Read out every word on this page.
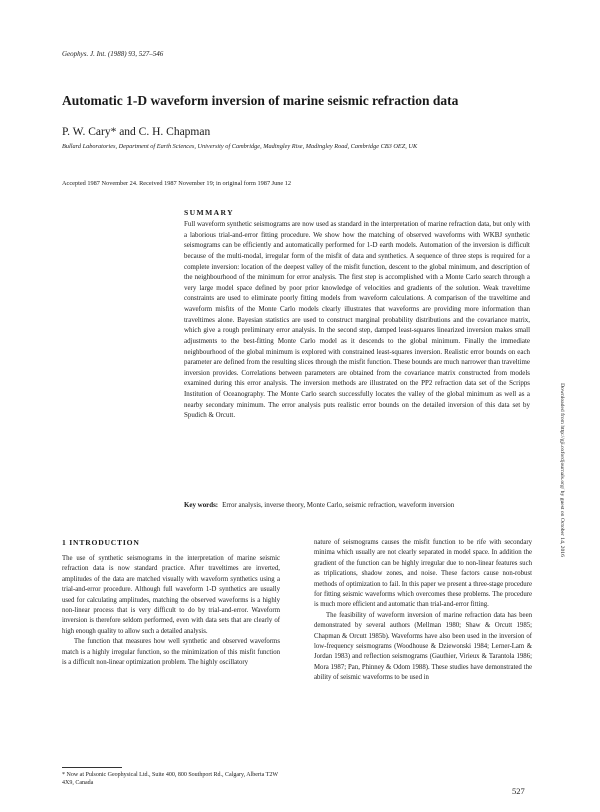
Geophys. J. Int. (1988) 93, 527–546
Automatic 1-D waveform inversion of marine seismic refraction data
P. W. Cary* and C. H. Chapman
Bullard Laboratories, Department of Earth Sciences, University of Cambridge, Madingley Rise, Madingley Road, Cambridge CB3 OEZ, UK
Accepted 1987 November 24. Received 1987 November 19; in original form 1987 June 12
SUMMARY

Full waveform synthetic seismograms are now used as standard in the interpretation of marine refraction data, but only with a laborious trial-and-error fitting procedure. We show how the matching of observed waveforms with WKBJ synthetic seismograms can be efficiently and automatically performed for 1-D earth models. Automation of the inversion is difficult because of the multi-modal, irregular form of the misfit of data and synthetics. A sequence of three steps is required for a complete inversion: location of the deepest valley of the misfit function, descent to the global minimum, and description of the neighbourhood of the minimum for error analysis. The first step is accomplished with a Monte Carlo search through a very large model space defined by poor prior knowledge of velocities and gradients of the solution. Weak traveltime constraints are used to eliminate poorly fitting models from waveform calculations. A comparison of the traveltime and waveform misfits of the Monte Carlo models clearly illustrates that waveforms are providing more information than traveltimes alone. Bayesian statistics are used to construct marginal probability distributions and the covariance matrix, which give a rough preliminary error analysis. In the second step, damped least-squares linearized inversion makes small adjustments to the best-fitting Monte Carlo model as it descends to the global minimum. Finally the immediate neighbourhood of the global minimum is explored with constrained least-squares inversion. Realistic error bounds on each parameter are defined from the resulting slices through the misfit function. These bounds are much narrower than traveltime inversion provides. Correlations between parameters are obtained from the covariance matrix constructed from models examined during this error analysis. The inversion methods are illustrated on the PP2 refraction data set of the Scripps Institution of Oceanography. The Monte Carlo search successfully locates the valley of the global minimum as well as a nearby secondary minimum. The error analysis puts realistic error bounds on the detailed inversion of this data set by Spudich & Orcutt.

Key words: Error analysis, inverse theory, Monte Carlo, seismic refraction, waveform inversion	Downloaded from http://gji.oxfordjournals.org/ by guest on October 14, 2016
1 INTRODUCTION

The use of synthetic seismograms in the interpretation of marine seismic refraction data is now standard practice. After traveltimes are inverted, amplitudes of the data are matched visually with waveform synthetics using a trial-and-error procedure. Although full waveform 1-D synthetics are usually used for calculating amplitudes, matching the observed waveforms is a highly non-linear process that is very difficult to do by trial-and-error. Waveform inversion is therefore seldom performed, even with data sets that are clearly of high enough quality to allow such a detailed analysis.

The function that measures how well synthetic and observed waveforms match is a highly irregular function, so the minimization of this misfit function is a difficult non-linear optimization problem. The highly oscillatory

nature of seismograms causes the misfit function to be rife with secondary minima which usually are not clearly separated in model space. In addition the gradient of the function can be highly irregular due to non-linear features such as triplications, shadow zones, and noise. These factors cause non-robust methods of optimization to fail. In this paper we present a three-stage procedure for fitting seismic waveforms which overcomes these problems. The procedure is much more efficient and automatic than trial-and-error fitting.

The feasibility of waveform inversion of marine refraction data has been demonstrated by several authors (Mellman 1980; Shaw & Orcutt 1985; Chapman & Orcutt 1985b). Waveforms have also been used in the inversion of low-frequency seismograms (Woodhouse & Dziewonski 1984; Lerner-Lam & Jordan 1983) and reflection seismograms (Gauthier, Virieux & Tarantola 1986; Mora 1987; Pan, Phinney & Odom 1988). These studies have demonstrated the ability of seismic waveforms to be used in

* Now at Pulsonic Geophysical Ltd., Suite 400, 800 Southport Rd., Calgary, Alberta T2W 4X9, Canada

527
